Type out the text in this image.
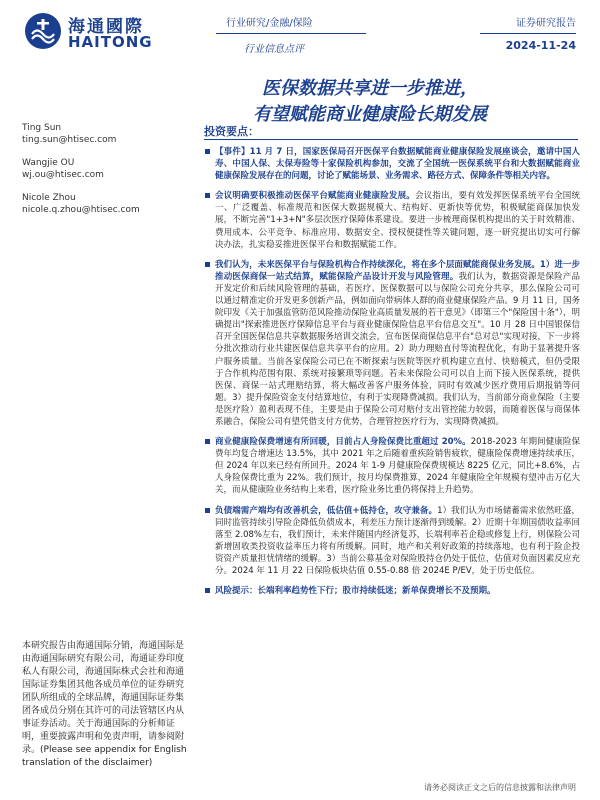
海通國際
HAITONG
行业研究/金融/保险
行业信息点评
证券研究报告
2024-11-24
医保数据共享进一步推进，
有望赋能商业健康险长期发展
Ting Sun
ting.sun@htisec.com
Wangjie OU
wj.ou@htisec.com
Nicole Zhou
nicole.q.zhou@htisec.com
投资要点：
【事件】11 月 7 日，国家医保局召开医保平台数据赋能商业健康保险发展座谈会，邀请中国人寿、中国人保、太保寿险等十家保险机构参加，交流了全国统一医保系统平台和大数据赋能商业健康保险发展存在的问题，讨论了赋能场景、业务需求、路径方式、保障条件等相关内容。
会议明确要积极推动医保平台赋能商业健康险发展。会议指出，要有效发挥医保系统平台全国统一、广泛覆盖、标准规范和医保大数据规模大、结构好、更新快等优势，积极赋能商保加快发展，不断完善"1+3+N"多层次医疗保障体系建设。要进一步梳理商保机构提出的关于时效精准、费用成本、公平竞争、标准应用、数据安全、授权便捷性等关键问题，逐一研究提出切实可行解决办法，扎实稳妥推进医保平台和数据赋能工作。
我们认为，未来医保平台与保险机构合作持续深化，将在多个层面赋能商保业务发展。1）进一步推动医保商保一站式结算，赋能保险产品设计开发与风险管理。我们认为，数据资源是保险产品开发定价和后续风险管理的基础，若医疗、医保数据可以与保险公司充分共享，那么保险公司可以通过精准定价开发更多创新产品，例如面向带病体人群的商业健康保险产品。9 月 11 日，国务院印发《关于加强监管防范风险推动保险业高质量发展的若干意见》（即第三个"保险国十条"），明确提出"探索推进医疗保障信息平台与商业健康保险信息平台信息交互"。10 月 28 日中国银保信召开全国医保信息共享数据服务培训交流会，宣布医保商保信息平台"总对总"实现对接，下一步将分批次推动行业共建医保信息共享平台的应用。2）助力理赔直付等流程优化，有助于显著提升客户服务质量。当前各家保险公司已在不断探索与医院等医疗机构建立直付、快赔模式，但仍受限于合作机构范围有限、系统对接繁琐等问题。若未来保险公司可以自上而下接入医保系统，提供医保、商保一站式理赔结算，将大幅改善客户服务体验，同时有效减少医疗费用后期报销等问题。3）提升保险资金支付结算地位，有利于实现降费减损。我们认为，当前部分商业保险（主要是医疗险）盈利表现不佳，主要是由于保险公司对赔付支出管控能力较弱，而随着医保与商保体系融合，保险公司有望凭借支付方优势，合理管控医疗行为，实现降费减损。
商业健康险保费增速有所回暖，目前占人身险保费比重超过 20%。2018-2023 年期间健康险保费年均复合增速达 13.5%，其中 2021 年之后随着重疾险销售疲软，健康险保费增速持续承压，但 2024 年以来已经有所回升。2024 年 1-9 月健康险保费规模达 8225 亿元，同比+8.6%，占人身险保费比重为 22%。我们预计，按月均保费推算，2024 年健康险全年规模有望冲击万亿大关，而从健康险业务结构上来看，医疗险业务比重仍将保持上升趋势。
负债端需产端均有改善机会，低估值+低持仓，攻守兼备。1）我们认为市场储蓄需求依然旺盛，同时监管持续引导险企降低负债成本，利差压力预计逐渐得到缓解。2）近期十年期国债收益率回落至 2.08%左右，我们预计，未来伴随国内经济复苏，长端利率若企稳或修复上行，则保险公司新增固收类投资收益率压力将有所缓解。同时，地产和关利好政策的持续落地，也有利于险企投资资产质量担忧情绪的缓解。3）当前公募基金对保险股持仓仍处于低位，估值对负面因素反应充分。2024 年 11 月 22 日保险板块估值 0.55-0.88 倍 2024E P/EV，处于历史低位。
风险提示：长端利率趋势性下行；股市持续低迷；新单保费增长不及预期。
本研究报告由海通国际分销，海通国际是由海通国际研究有限公司，海通证券印度私人有限公司，海通国际株式会社和海通国际证券集团其他各成员单位的证券研究团队所组成的全球品牌，海通国际证券集团各成员分别在其许可的司法管辖区内从事证券活动。关于海通国际的分析师证明，重要披露声明和免责声明，请参阅附录。(Please see appendix for English translation of the disclaimer)
请务必阅读正文之后的信息披露和法律声明
